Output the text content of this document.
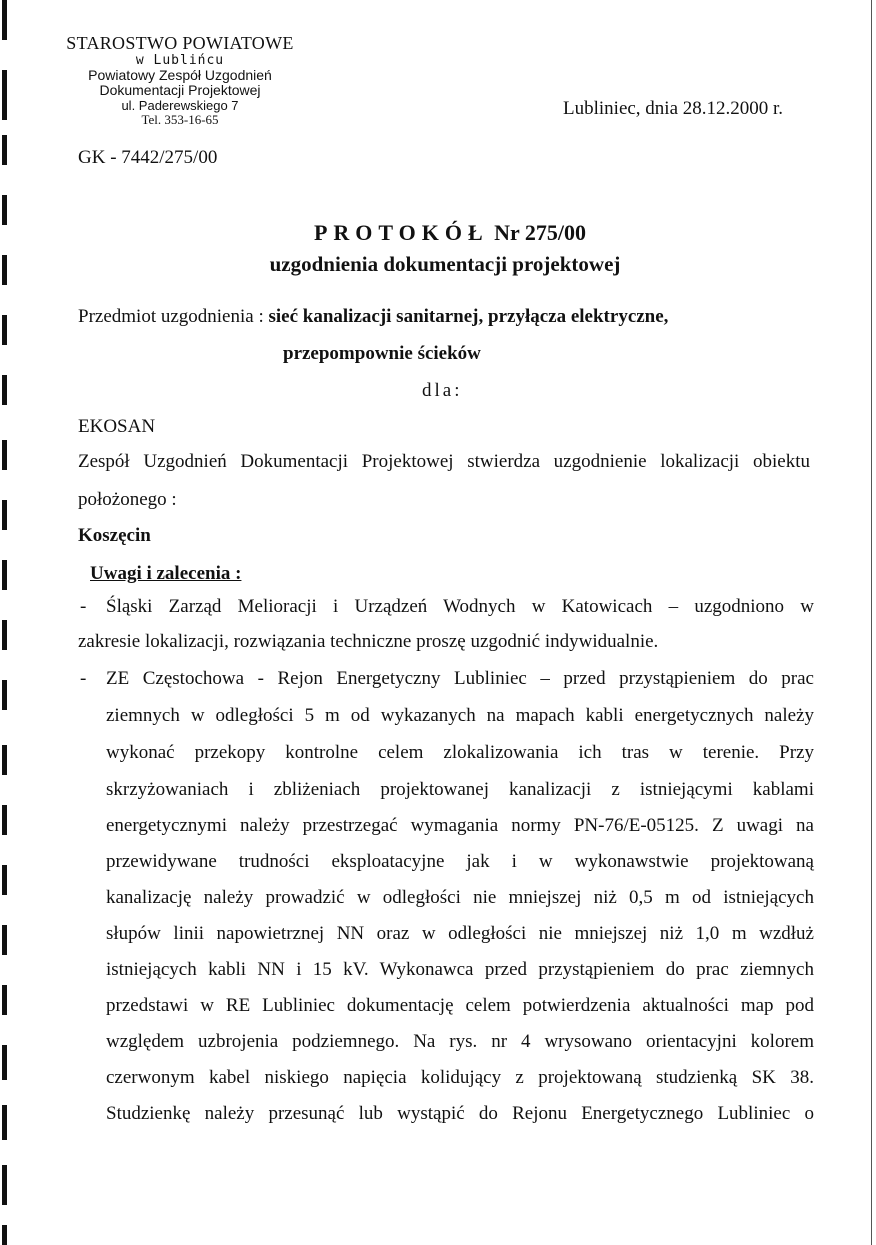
STAROSTWO POWIATOWE
w Lublińcu
Powiatowy Zespół Uzgodnień
Dokumentacji Projektowej
ul. Paderewskiego 7
Tel. 353-16-65
Lubliniec, dnia 28.12.2000 r.
GK - 7442/275/00
PROTOKÓŁ Nr 275/00
uzgodnienia dokumentacji projektowej
Przedmiot uzgodnienia : sieć kanalizacji sanitarnej, przyłącza elektryczne,
przepompownie ścieków
dla:
EKOSAN
Zespół Uzgodnień Dokumentacji Projektowej stwierdza uzgodnienie lokalizacji obiektu
położonego :
Koszęcin
Uwagi i zalecenia :
- Śląski Zarząd Melioracji i Urządzeń Wodnych w Katowicach – uzgodniono w
zakresie lokalizacji, rozwiązania techniczne proszę uzgodnić indywidualnie.
- ZE Częstochowa - Rejon Energetyczny Lubliniec – przed przystąpieniem do prac
ziemnych w odległości 5 m od wykazanych na mapach kabli energetycznych należy
wykonać przekopy kontrolne celem zlokalizowania ich tras w terenie. Przy
skrzyżowaniach i zbliżeniach projektowanej kanalizacji z istniejącymi kablami
energetycznymi należy przestrzegać wymagania normy PN-76/E-05125. Z uwagi na
przewidywane trudności eksploatacyjne jak i w wykonawstwie projektowaną
kanalizację należy prowadzić w odległości nie mniejszej niż 0,5 m od istniejących
słupów linii napowietrznej NN oraz w odległości nie mniejszej niż 1,0 m wzdłuż
istniejących kabli NN i 15 kV. Wykonawca przed przystąpieniem do prac ziemnych
przedstawi w RE Lubliniec dokumentację celem potwierdzenia aktualności map pod
względem uzbrojenia podziemnego. Na rys. nr 4 wrysowano orientacyjni kolorem
czerwonym kabel niskiego napięcia kolidujący z projektowaną studzienką SK 38.
Studzienkę należy przesunąć lub wystąpić do Rejonu Energetycznego Lubliniec o
